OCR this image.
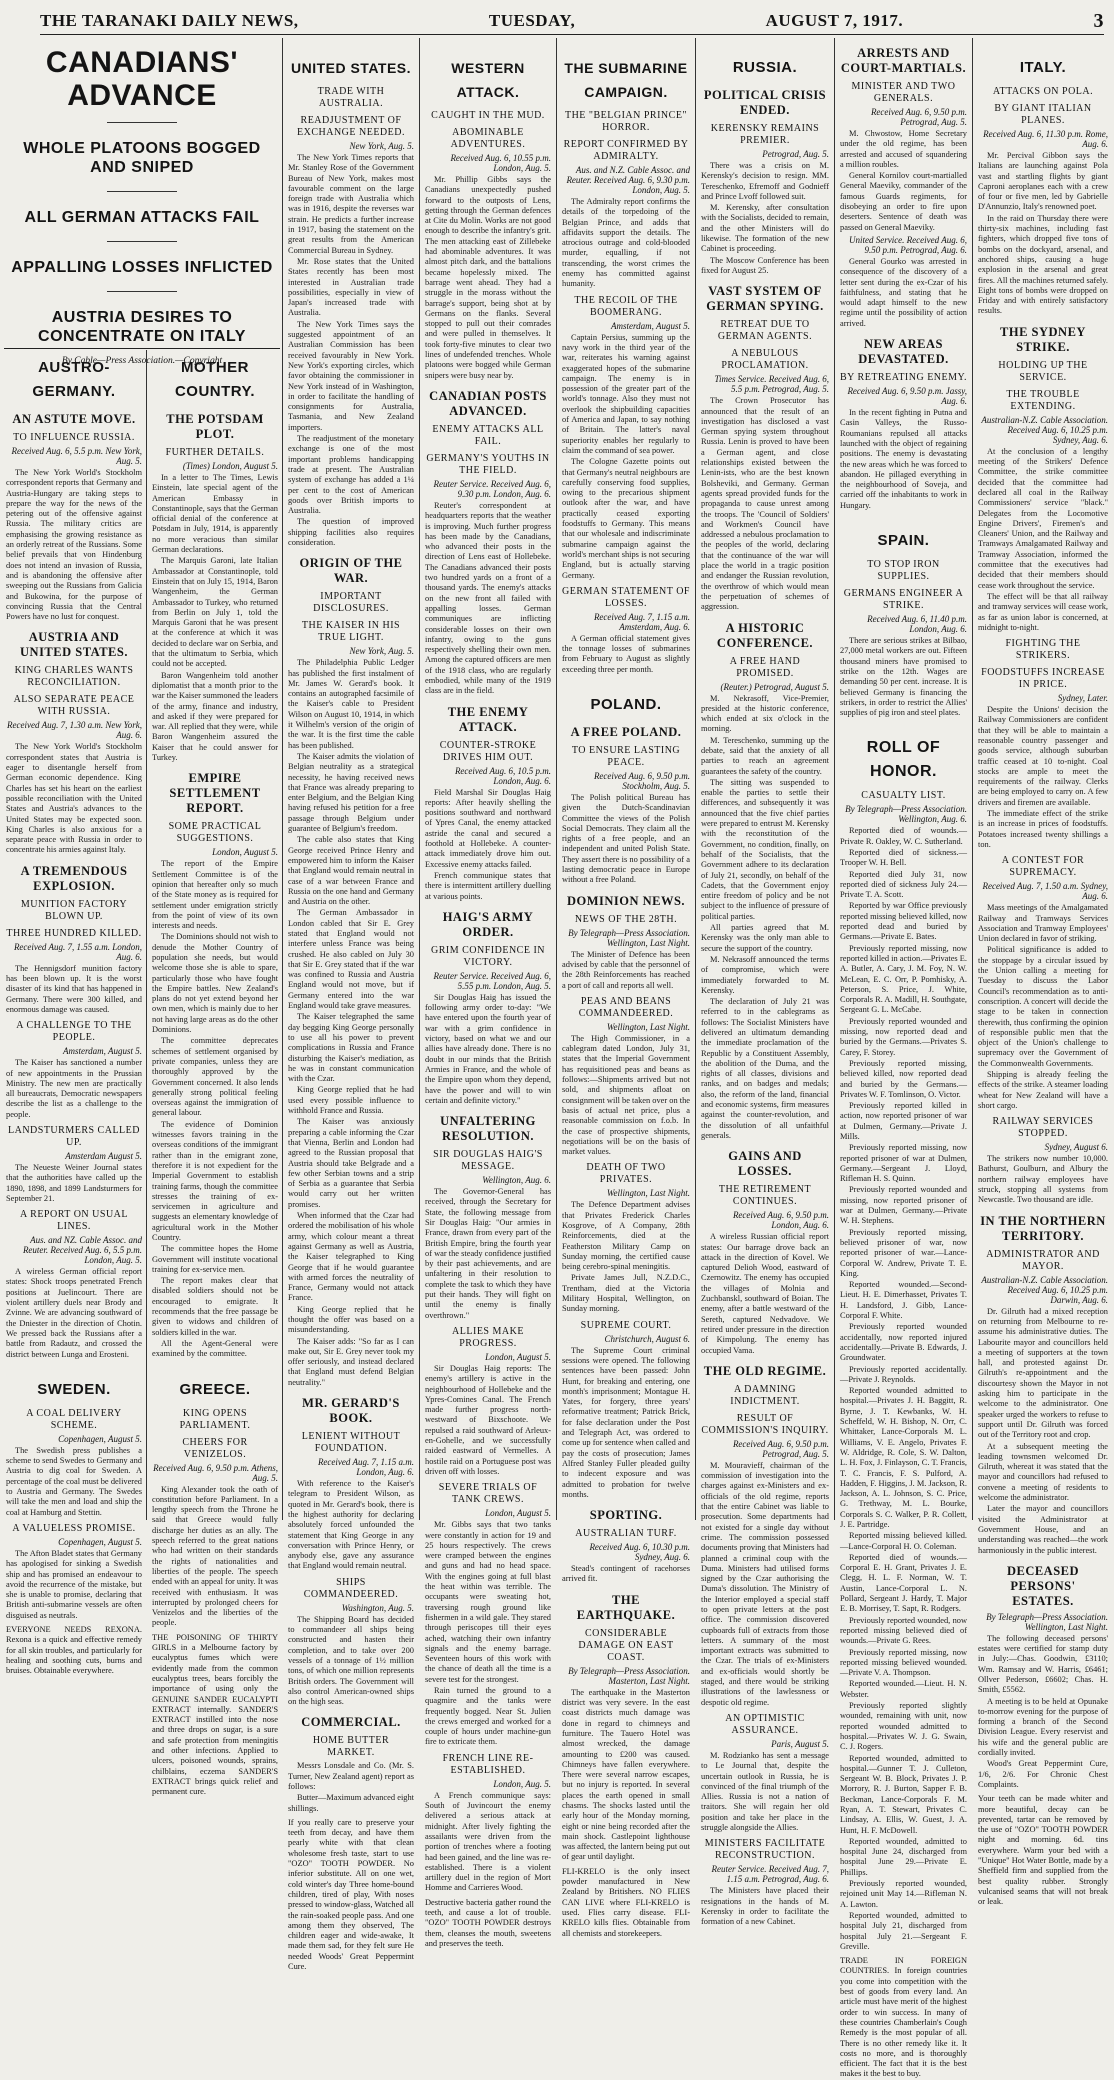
THE TARANAKI DAILY NEWS,	TUESDAY,	AUGUST 7, 1917.	3
CANADIANS' ADVANCE
WHOLE PLATOONS BOGGED AND SNIPED
ALL GERMAN ATTACKS FAIL
APPALLING LOSSES INFLICTED
AUSTRIA DESIRES TO CONCENTRATE ON ITALY
By Cable—Press Association.—Copyright
AUSTRO-GERMANY.
AN ASTUTE MOVE.
TO INFLUENCE RUSSIA.
Received Aug. 6, 5.5 p.m. New York, Aug. 5.
The New York World's Stockholm correspondent reports that Germany and Austria-Hungary are taking steps to prepare the way for the news of the petering out of the offensive against Russia. The military critics are emphasising the growing resistance as an orderly retreat of the Russians. Some belief prevails that von Hindenburg does not intend an invasion of Russia, and is abandoning the offensive after sweeping out the Russians from Galicia and Bukowina, for the purpose of convincing Russia that the Central Powers have no lust for conquest.
AUSTRIA AND UNITED STATES.
KING CHARLES WANTS RECONCILIATION.
ALSO SEPARATE PEACE WITH RUSSIA.
Received Aug. 7, 1.30 a.m. New York, Aug. 6.
The New York World's Stockholm correspondent states that Austria is eager to disentangle herself from German economic dependence. King Charles has set his heart on the earliest possible reconciliation with the United States and Austria's advances to the United States may be expected soon. King Charles is also anxious for a separate peace with Russia in order to concentrate his armies against Italy.
A TREMENDOUS EXPLOSION.
MUNITION FACTORY BLOWN UP.
THREE HUNDRED KILLED.
Received Aug. 7, 1.55 a.m. London, Aug. 6.
The Hennigsdorf munition factory has been blown up. It is the worst disaster of its kind that has happened in Germany. There were 300 killed, and enormous damage was caused.
A CHALLENGE TO THE PEOPLE.
Amsterdam, August 5.
The Kaiser has sanctioned a number of new appointments in the Prussian Ministry. The new men are practically all bureaucrats, Democratic newspapers describe the list as a challenge to the people.
LANDSTURMERS CALLED UP.
Amsterdam August 5.
The Neueste Weiner Journal states that the authorities have called up the 1890, 1898, and 1899 Landsturmers for September 21.
A REPORT ON USUAL LINES.
Aus. and NZ. Cable Assoc. and Reuter. Received Aug. 6, 5.5 p.m. London, Aug. 5.
A wireless German official report states: Shock troops penetrated French positions at Juelincourt. There are violent artillery duels near Brody and Zvinne. We are advancing southward of the Dniester in the direction of Chotin. We pressed back the Russians after a battle from Radautz, and crossed the district between Lunga and Erosteni.
SWEDEN.
A COAL DELIVERY SCHEME.
Copenhagen, August 5.
The Swedish press publishes a scheme to send Swedes to Germany and Austria to dig coal for Sweden. A percentage of the coal must be delivered to Austria and Germany. The Swedes will take the men and load and ship the coal at Hamburg and Stettin.
A VALUELESS PROMISE.
Copenhagen, August 5.
The Afton Bladet states that Germany has apologised for sinking a Swedish ship and has promised an endeavour to avoid the recurrence of the mistake, but she is unable to promise, declaring that British anti-submarine vessels are often disguised as neutrals.
EVERYONE NEEDS REXONA. Rexona is a quick and effective remedy for all skin troubles, and particularly for healing and soothing cuts, burns and bruises. Obtainable everywhere.
MOTHER COUNTRY.
THE POTSDAM PLOT.
FURTHER DETAILS.
(Times) London, August 5.
In a letter to The Times, Lewis Einstein, late special agent of the American Embassy in Constantinople, says that the German official denial of the conference at Potsdam in July, 1914, is apparently no more veracious than similar German declarations.
The Marquis Garoni, late Italian Ambassador at Constantinople, told Einstein that on July 15, 1914, Baron Wangenheim, the German Ambassador to Turkey, who returned from Berlin on July 1, told the Marquis Garoni that he was present at the conference at which it was decided to declare war on Serbia, and that the ultimatum to Serbia, which could not be accepted.
Baron Wangenheim told another diplomatist that a month prior to the war the Kaiser summoned the leaders of the army, finance and industry, and asked if they were prepared for war. All replied that they were, while Baron Wangenheim assured the Kaiser that he could answer for Turkey.
EMPIRE SETTLEMENT REPORT.
SOME PRACTICAL SUGGESTIONS.
London, August 5.
The report of the Empire Settlement Committee is of the opinion that hereafter only so much of the State money as is required for settlement under emigration strictly from the point of view of its own interests and needs.
The Dominions should not wish to denude the Mother Country of population she needs, but would welcome those she is able to spare, particularly those who have fought the Empire battles. New Zealand's plans do not yet extend beyond her own men, which is mainly due to her not having large areas as do the other Dominions.
The committee deprecates schemes of settlement organised by private companies, unless they are thoroughly approved by the Government concerned. It also lends generally strong political feeling overseas against the immigration of general labour.
The evidence of Dominion witnesses favors training in the overseas conditions of the immigrant rather than in the emigrant zone, therefore it is not expedient for the Imperial Government to establish training farms, though the committee stresses the training of ex-servicemen in agriculture and suggests an elementary knowledge of agricultural work in the Mother Country.
The committee hopes the Home Government will institute vocational training for ex-service men.
The report makes clear that disabled soldiers should not be encouraged to emigrate. It recommends that the free passage be given to widows and children of soldiers killed in the war.
All the Agent-General were examined by the committee.
GREECE.
KING OPENS PARLIAMENT.
CHEERS FOR VENIZELOS.
Received Aug. 6, 9.50 p.m. Athens, Aug. 5.
King Alexander took the oath of constitution before Parliament. In a lengthy speech from the Throne he said that Greece would fully discharge her duties as an ally. The speech referred to the great nations who had written on their standards the rights of nationalities and liberties of the people. The speech ended with an appeal for unity. It was received with enthusiasm. It was interrupted by prolonged cheers for Venizelos and the liberties of the people.
THE POISONING OF THIRTY GIRLS in a Melbourne factory by eucalyptus fumes which were evidently made from the common eucalyptus trees, bears forcibly the importance of using only the GENUINE SANDER EUCALYPTI EXTRACT internally. SANDER'S EXTRACT instilled into the nose and three drops on sugar, is a sure and safe protection from meningitis and other infections. Applied to ulcers, poisoned wounds, sprains, chilblains, eczema SANDER'S EXTRACT brings quick relief and permanent cure.
UNITED STATES.
TRADE WITH AUSTRALIA.
READJUSTMENT OF EXCHANGE NEEDED.
New York, Aug. 5.
The New York Times reports that Mr. Stanley Rose of the Government Bureau of New York, makes most favourable comment on the large foreign trade with Australia which was in 1916, despite the reverses war strain. He predicts a further increase in 1917, basing the statement on the great results from the American Commercial Bureau in Sydney.
Mr. Rose states that the United States recently has been most interested in Australian trade possibilities, especially in view of Japan's increased trade with Australia.
The New York Times says the suggested appointment of an Australian Commission has been received favourably in New York. New York's exporting circles, which favor obtaining the commissioner in New York instead of in Washington, in order to facilitate the handling of consignments for Australia, Tasmania, and New Zealand importers.
The readjustment of the monetary exchange is one of the most important problems handicapping trade at present. The Australian system of exchange has added a 1¼ per cent to the cost of American goods over British imports to Australia.
The question of improved shipping facilities also requires consideration.
ORIGIN OF THE WAR.
IMPORTANT DISCLOSURES.
THE KAISER IN HIS TRUE LIGHT.
New York, Aug. 5.
The Philadelphia Public Ledger has published the first instalment of Mr. James W. Gerard's book. It contains an autographed facsimile of the Kaiser's cable to President Wilson on August 10, 1914, in which it Wilhelm's version of the origin of the war. It is the first time the cable has been published.
The Kaiser admits the violation of Belgian neutrality as a strategical necessity, he having received news that France was already preparing to enter Belgium, and the Belgian King having refused his petition for a free passage through Belgium under guarantee of Belgium's freedom.
The cable also states that King George received Prince Henry and empowered him to inform the Kaiser that England would remain neutral in case of a war between France and Russia on the one hand and Germany and Austria on the other.
The German Ambassador in London cabled that Sir E. Grey stated that England would not interfere unless France was being crushed. He also cabled on July 30 that Sir E. Grey stated that if the war was confined to Russia and Austria England would not move, but if Germany entered into the war England would take grave measures.
The Kaiser telegraphed the same day begging King George personally to use all his power to prevent complications in Russia and France disturbing the Kaiser's mediation, as he was in constant communication with the Czar.
King George replied that he had used every possible influence to withhold France and Russia.
The Kaiser was anxiously preparing a cable informing the Czar that Vienna, Berlin and London had agreed to the Russian proposal that Austria should take Belgrade and a few other Serbian towns and a strip of Serbia as a guarantee that Serbia would carry out her written promises.
When informed that the Czar had ordered the mobilisation of his whole army, which colour meant a threat against Germany as well as Austria, the Kaiser telegraphed to King George that if he would guarantee with armed forces the neutrality of France, Germany would not attack France.
King George replied that he thought the offer was based on a misunderstanding.
The Kaiser adds: "So far as I can make out, Sir E. Grey never took my offer seriously, and instead declared that England must defend Belgian neutrality."
MR. GERARD'S BOOK.
LENIENT WITHOUT FOUNDATION.
Received Aug. 7, 1.15 a.m. London, Aug. 6.
With reference to the Kaiser's telegram to President Wilson, as quoted in Mr. Gerard's book, there is the highest authority for declaring absolutely forced unfounded the statement that King George in any conversation with Prince Henry, or anybody else, gave any assurance that England would remain neutral.
SHIPS COMMANDEERED.
Washington, Aug. 5.
The Shipping Board has decided to commandeer all ships being constructed and hasten their completion, and to take over 200 vessels of a tonnage of 1½ million tons, of which one million represents British orders. The Government will also control American-owned ships on the high seas.
COMMERCIAL.
HOME BUTTER MARKET.
Messrs Lonsdale and Co. (Mr. S. Turner, New Zealand agent) report as follows:
Butter—Maximum advanced eight shillings.
If you really care to preserve your teeth from decay, and have them pearly white with that clean wholesome fresh taste, start to use "OZO" TOOTH POWDER. No inferior substitute. All on one wet, cold winter's day Three home-bound children, tired of play, With noses pressed to window-glass, Watched all the rain-soaked people pass. And one among them they observed, The children eager and wide-awake, It made them sad, for they felt sure He needed Woods' Great Peppermint Cure.
WESTERN ATTACK.
CAUGHT IN THE MUD.
ABOMINABLE ADVENTURES.
Received Aug. 6, 10.55 p.m. London, Aug. 5.
Mr. Phillip Gibbs says the Canadians unexpectedly pushed forward to the outposts of Lens, getting through the German defences at Cite du Molin. Works are not good enough to describe the infantry's grit. The men attacking east of Zillebeke had abominable adventures. It was almost pitch dark, and the battalions became hopelessly mixed. The barrage went ahead. They had a struggle in the morass without the barrage's support, being shot at by Germans on the flanks. Several stopped to pull out their comrades and were pulled in themselves. It took forty-five minutes to clear two lines of undefended trenches. Whole platoons were bogged while German snipers were busy near by.
CANADIAN POSTS ADVANCED.
ENEMY ATTACKS ALL FAIL.
GERMANY'S YOUTHS IN THE FIELD.
Reuter Service. Received Aug. 6, 9.30 p.m. London, Aug. 6.
Reuter's correspondent at headquarters reports that the weather is improving. Much further progress has been made by the Canadians, who advanced their posts in the direction of Lens east of Hollebeke. The Canadians advanced their posts two hundred yards on a front of a thousand yards. The enemy's attacks on the new front all failed with appalling losses. German communiques are inflicting considerable losses on their own infantry, owing to the guns respectively shelling their own men. Among the captured officers are men of the 1918 class, who are regularly embodied, while many of the 1919 class are in the field.
THE ENEMY ATTACK.
COUNTER-STROKE DRIVES HIM OUT.
Received Aug. 6, 10.5 p.m. London, Aug. 6.
Field Marshal Sir Douglas Haig reports: After heavily shelling the positions southward and northward of Ypres Canal, the enemy attacked astride the canal and secured a foothold at Hollebeke. A counter-attack immediately drove him out. Excessive enemy attacks failed.
French communique states that there is intermittent artillery duelling at various points.
HAIG'S ARMY ORDER.
GRIM CONFIDENCE IN VICTORY.
Reuter Service. Received Aug. 6, 5.55 p.m. London, Aug. 5.
Sir Douglas Haig has issued the following army order to-day: "We have entered upon the fourth year of war with a grim confidence in victory, based on what we and our allies have already done. There is no doubt in our minds that the British Armies in France, and the whole of the Empire upon whom they depend, have the power and will to win certain and definite victory."
UNFALTERING RESOLUTION.
SIR DOUGLAS HAIG'S MESSAGE.
Wellington, Aug. 6.
The Governor-General has received, through the Secretary for State, the following message from Sir Douglas Haig: "Our armies in France, drawn from every part of the British Empire, bring the fourth year of war the steady confidence justified by their past achievements, and are unfaltering in their resolution to complete the task to which they have put their hands. They will fight on until the enemy is finally overthrown."
ALLIES MAKE PROGRESS.
London, August 5.
Sir Douglas Haig reports: The enemy's artillery is active in the neighbourhood of Hollebeke and the Ypres-Comines Canal. The French made further progress north-westward of Bixschoote. We repulsed a raid southward of Arleux-en-Gohelle, and we successfully raided eastward of Vermelles. A hostile raid on a Portuguese post was driven off with losses.
SEVERE TRIALS OF TANK CREWS.
London, August 5.
Mr. Gibbs says that two tanks were constantly in action for 19 and 25 hours respectively. The crews were cramped between the engines and guns and had no head space. With the engines going at full blast the heat within was terrible. The occupants were sweating hot, traversing rough ground like fishermen in a wild gale. They stared through periscopes till their eyes ached, watching their own infantry signals and the enemy barrage. Seventeen hours of this work with the chance of death all the time is a severe test for the strongest.
Rain turned the ground to a quagmire and the tanks were frequently bogged. Near St. Julien the crews emerged and worked for a couple of hours under machine-gun fire to extricate them.
FRENCH LINE RE-ESTABLISHED.
London, Aug. 5.
A French communique says: South of Juvincourt the enemy delivered a serious attack at midnight. After lively fighting the assailants were driven from the portion of trenches where a footing had been gained, and the line was re-established. There is a violent artillery duel in the region of Mort Homme and Carrieres Wood.
Destructive bacteria gather round the teeth, and cause a lot of trouble. "OZO" TOOTH POWDER destroys them, cleanses the mouth, sweetens and preserves the teeth.
THE SUBMARINE CAMPAIGN.
THE "BELGIAN PRINCE" HORROR.
REPORT CONFIRMED BY ADMIRALTY.
Aus. and N.Z. Cable Assoc. and Reuter. Received Aug. 6, 9.30 p.m. London, Aug. 5.
The Admiralty report confirms the details of the torpedoing of the Belgian Prince, and adds that affidavits support the details. The atrocious outrage and cold-blooded murder, equalling, if not transcending, the worst crimes the enemy has committed against humanity.
THE RECOIL OF THE BOOMERANG.
Amsterdam, August 5.
Captain Persius, summing up the navy work in the third year of the war, reiterates his warning against exaggerated hopes of the submarine campaign. The enemy is in possession of the greater part of the world's tonnage. Also they must not overlook the shipbuilding capacities of America and Japan, to say nothing of Britain. The latter's naval superiority enables her regularly to claim the command of sea power.
The Cologne Gazette points out that Germany's neutral neighbours are carefully conserving food supplies, owing to the precarious shipment outlook after the war, and have practically ceased exporting foodstuffs to Germany. This means that our wholesale and indiscriminate submarine campaign against the world's merchant ships is not securing England, but is actually starving Germany.
GERMAN STATEMENT OF LOSSES.
Received Aug. 7, 1.15 a.m. Amsterdam, Aug. 6.
A German official statement gives the tonnage losses of submarines from February to August as slightly exceeding three per month.
POLAND.
A FREE POLAND.
TO ENSURE LASTING PEACE.
Received Aug. 6, 9.50 p.m. Stockholm, Aug. 5.
The Polish political Bureau has given the Dutch-Scandinavian Committee the views of the Polish Social Democrats. They claim all the rights of a free people, and an independent and united Polish State. They assert there is no possibility of a lasting democratic peace in Europe without a free Poland.
DOMINION NEWS.
NEWS OF THE 28TH.
By Telegraph—Press Association. Wellington, Last Night.
The Minister of Defence has been advised by cable that the personnel of the 28th Reinforcements has reached a port of call and reports all well.
PEAS AND BEANS COMMANDEERED.
Wellington, Last Night.
The High Commissioner, in a cablegram dated London, July 31, states that the Imperial Government has requisitioned peas and beans as follows:—Shipments arrived but not sold, and shipments afloat on consignment will be taken over on the basis of actual net price, plus a reasonable commission on f.o.b. In the case of prospective shipments, negotiations will be on the basis of market values.
DEATH OF TWO PRIVATES.
Wellington, Last Night.
The Defence Department advises that Privates Frederick Charles Kosgrove, of A Company, 28th Reinforcements, died at the Featherston Military Camp on Sunday morning, the certified cause being cerebro-spinal meningitis.
Private James Jull, N.Z.D.C., Trentham, died at the Victoria Military Hospital, Wellington, on Sunday morning.
SUPREME COURT.
Christchurch, August 6.
The Supreme Court criminal sessions were opened. The following sentences have been passed: John Hunt, for breaking and entering, one month's imprisonment; Montague H. Yates, for forgery, three years' reformative treatment; Patrick Brick, for false declaration under the Post and Telegraph Act, was ordered to come up for sentence when called and pay the costs of prosecution; James Alfred Stanley Fuller pleaded guilty to indecent exposure and was admitted to probation for twelve months.
SPORTING.
AUSTRALIAN TURF.
Received Aug. 6, 10.30 p.m. Sydney, Aug. 6.
Stead's contingent of racehorses arrived fit.
THE EARTHQUAKE.
CONSIDERABLE DAMAGE ON EAST COAST.
By Telegraph—Press Association. Masterton, Last Night.
The earthquake in the Masterton district was very severe. In the east coast districts much damage was done in regard to chimneys and furniture. The Tauero Hotel was almost wrecked, the damage amounting to £200 was caused. Chimneys have fallen everywhere. There were several narrow escapes, but no injury is reported. In several places the earth opened in small chasms. The shocks lasted until the early hour of the Monday morning, eight or nine being recorded after the main shock. Castlepoint lighthouse was affected, the lantern being put out of gear until daylight.
FLI-KRELO is the only insect powder manufactured in New Zealand by Britishers. NO FLIES CAN LIVE where FLI-KRELO is used. Flies carry disease. FLI-KRELO kills flies. Obtainable from all chemists and storekeepers.
RUSSIA.
POLITICAL CRISIS ENDED.
KERENSKY REMAINS PREMIER.
Petrograd, Aug. 5.
There was a crisis on M. Kerensky's decision to resign. MM. Tereschenko, Efremoff and Godnieff and Prince Lvoff followed suit.
M. Kerensky, after consultation with the Socialists, decided to remain, and the other Ministers will do likewise. The formation of the new Cabinet is proceeding.
The Moscow Conference has been fixed for August 25.
VAST SYSTEM OF GERMAN SPYING.
RETREAT DUE TO GERMAN AGENTS.
A NEBULOUS PROCLAMATION.
Times Service. Received Aug. 6, 5.5 p.m. Petrograd, Aug. 5.
The Crown Prosecutor has announced that the result of an investigation has disclosed a vast German spying system throughout Russia. Lenin is proved to have been a German agent, and close relationships existed between the Lenin-ists, who are the best known Bolsheviki, and Germany. German agents spread provided funds for the propaganda to cause unrest among the troops. The 'Council of Soldiers' and Workmen's Council have addressed a nebulous proclamation to the peoples of the world, declaring that the continuance of the war will place the world in a tragic position and endanger the Russian revolution, the overthrow of which would mean the perpetuation of schemes of aggression.
A HISTORIC CONFERENCE.
A FREE HAND PROMISED.
(Reuter.) Petrograd, August 5.
M. Nekrasoff, Vice-Premier, presided at the historic conference, which ended at six o'clock in the morning.
M. Tereschenko, summing up the debate, said that the anxiety of all parties to reach an agreement guarantees the safety of the country.
The sitting was suspended to enable the parties to settle their differences, and subsequently it was announced that the five chief parties were prepared to entrust M. Kerensky with the reconstitution of the Government, no condition, finally, on behalf of the Socialists, that the Government adhere to its declaration of July 21, secondly, on behalf of the Cadets, that the Government enjoy entire freedom of policy and be not subject to the influence of pressure of political parties.
All parties agreed that M. Kerensky was the only man able to secure the support of the country.
M. Nekrasoff announced the terms of compromise, which were immediately forwarded to M. Kerensky.
The declaration of July 21 was referred to in the cablegrams as follows: The Socialist Ministers have delivered an ultimatum demanding the immediate proclamation of the Republic by a Constituent Assembly, the abolition of the Duma, and the rights of all classes, divisions and ranks, and on badges and medals; also, the reform of the land, financial and economic systems, firm measures against the counter-revolution, and the dissolution of all unfaithful generals.
GAINS AND LOSSES.
THE RETIREMENT CONTINUES.
Received Aug. 6, 9.50 p.m. London, Aug. 6.
A wireless Russian official report states: Our barrage drove back an attack in the direction of Kovel. We captured Delioh Wood, eastward of Czernowitz. The enemy has occupied the villages of Molnia and Zuchbanskl, southward of Boian. The enemy, after a battle westward of the Sereth, captured Nedvadove. We retired under pressure in the direction of Kimpolung. The enemy has occupied Vama.
THE OLD REGIME.
A DAMNING INDICTMENT.
RESULT OF COMMISSION'S INQUIRY.
Received Aug. 6, 9.50 p.m. Petrograd, Aug. 5.
M. Mouravieff, chairman of the commission of investigation into the charges against ex-Ministers and ex-officials of the old regime, reports that the entire Cabinet was liable to prosecution. Some departments had not existed for a single day without crime. The commission possessed documents proving that Ministers had planned a criminal coup with the Duma. Ministers had utilised forms signed by the Czar authorising the Duma's dissolution. The Ministry of the Interior employed a special staff to open private letters at the post office. The commission discovered cupboards full of extracts from those letters. A summary of the most important extracts was submitted to the Czar. The trials of ex-Ministers and ex-officials would shortly be staged, and there would be striking illustrations of the lawlessness or despotic old regime.
AN OPTIMISTIC ASSURANCE.
Paris, August 5.
M. Rodzianko has sent a message to Le Journal that, despite the uncertain outlook in Russia, he is convinced of the final triumph of the Allies. Russia is not a nation of traitors. She will regain her old position and take her place in the struggle alongside the Allies.
MINISTERS FACILITATE RECONSTRUCTION.
Reuter Service. Received Aug. 7, 1.15 a.m. Petrograd, Aug. 6.
The Ministers have placed their resignations in the hands of M. Kerensky in order to facilitate the formation of a new Cabinet.
ARRESTS AND COURT-MARTIALS.
MINISTER AND TWO GENERALS.
Received Aug. 6, 9.50 p.m. Petrograd, Aug. 5.
M. Chwostow, Home Secretary under the old regime, has been arrested and accused of squandering a million roubles.
General Kornilov court-martialled General Maeviky, commander of the famous Guards regiments, for disobeying an order to fire upon deserters. Sentence of death was passed on General Maeviky.
United Service. Received Aug. 6, 9.50 p.m. Petrograd, Aug. 6.
General Gourko was arrested in consequence of the discovery of a letter sent during the ex-Czar of his faithfulness, and stating that he would adapt himself to the new regime until the possibility of action arrived.
NEW AREAS DEVASTATED.
BY RETREATING ENEMY.
Received Aug. 6, 9.50 p.m. Jassy, Aug. 6.
In the recent fighting in Putna and Casin Valleys, the Russo-Roumanians repulsed all attacks launched with the object of regaining positions. The enemy is devastating the new areas which he was forced to abandon. He pillaged everything in the neighbourhood of Soveja, and carried off the inhabitants to work in Hungary.
SPAIN.
TO STOP IRON SUPPLIES.
GERMANS ENGINEER A STRIKE.
Received Aug. 6, 11.40 p.m. London, Aug. 6.
There are serious strikes at Bilbao, 27,000 metal workers are out. Fifteen thousand miners have promised to strike on the 12th. Wages are demanding 50 per cent. increase. It is believed Germany is financing the strikers, in order to restrict the Allies' supplies of pig iron and steel plates.
ROLL OF HONOR.
CASUALTY LIST.
By Telegraph—Press Association. Wellington, Aug. 6.
Reported died of wounds.—Private R. Oakley, W. C. Sutherland.
Reported died of sickness.—Trooper W. H. Bell.
Reported died July 31, now reported died of sickness July 24.—Private T. A. Scott.
Reported by war Office previously reported missing believed killed, now reported dead and buried by Germans.—Private E. Bates.
Previously reported missing, now reported killed in action.—Privates E. A. Butler, A. Cary, J. M. Foy, N. W. McLean, E. C. Orr, P. Pomhisky, A. Peterson, S. Price, J. White, Corporals R. A. Madill, H. Southgate, Sergeant G. L. McCabe.
Previously reported wounded and missing, now reported dead and buried by the Germans.—Privates S. Carey, F. Storey.
Previously reported missing, believed killed, now reported dead and buried by the Germans.—Privates W. F. Tomlinson, O. Victor.
Previously reported killed in action, now reported prisoner of war at Dulmen, Germany.—Private J. Mills.
Previously reported missing, now reported prisoner of war at Dulmen, Germany.—Sergeant J. Lloyd, Rifleman H. S. Quinn.
Previously reported wounded and missing, now reported prisoner of war at Dulmen, Germany.—Private W. H. Stephens.
Previously reported missing, believed prisoner of war, now reported prisoner of war.—Lance-Corporal W. Andrew, Private T. E. King.
Reported wounded.—Second-Lieut. H. E. Dimerhasset, Privates T. H. Landsford, J. Gibb, Lance-Corporal F. White.
Previously reported wounded accidentally, now reported injured accidentally.—Private B. Edwards, J. Groundwater.
Previously reported accidentally.—Private J. Reynolds.
Reported wounded admitted to hospital.—Privates J. H. Baggitt, R. Byrne, J. T. Kewbanks, W. H. Scheffeld, W. H. Bishop, N. Orr, C. Whittaker, Lance-Corporals M. L. Williams, V. E. Angelo, Privates F. W. Aldridge, R. Cole, S. W. Dalton, L. H. Fox, J. Finlayson, C. T. Francis, T. C. Francis, F. S. Pulford, A. Hadden, F. Higgins, J. M. Jackson, R. Jackson, A. L. Johnson, S. C. Price, G. Trethway, M. L. Bourke, Corporals S. C. Walker, P. R. Collett, J. E. Partridge.
Reported missing believed killed.—Lance-Corporal H. O. Coleman.
Reported died of wounds.—Corporal E. H. Grant, Privates J. E. Clegg, H. L. F. Norman, W. T. Austin, Lance-Corporal L. N. Pollard, Sergeant J. Hardy, T. Major E. B. Morrisey, T. Sapt, R. Rodgers.
Previously reported wounded, now reported missing believed died of wounds.—Private G. Rees.
Previously reported missing, now reported missing believed wounded.—Private V. A. Thompson.
Reported wounded.—Lieut. H. N. Webster.
Previously reported slightly wounded, remaining with unit, now reported wounded admitted to hospital.—Privates W. J. G. Swain, C. J. Rogers.
Reported wounded, admitted to hospital.—Gunner T. J. Culleton, Sergeant W. B. Block, Privates J. P. Morrory, R. J. Burton, Sapper F. B. Beckman, Lance-Corporals F. M. Ryan, A. T. Stewart, Privates C. Lindsay, A. Ellis, W. Guest, J. A. Hunt, H. F. McDowell.
Reported wounded, admitted to hospital June 24, discharged from hospital June 29.—Private E. Phillips.
Previously reported wounded, rejoined unit May 14.—Rifleman N. A. Lawton.
Reported wounded, admitted to hospital July 21, discharged from hospital July 21.—Sergeant F. Greville.
TRADE IN FOREIGN COUNTRIES. In foreign countries you come into competition with the best of goods from every land. An article must have merit of the highest order to win success. In many of these countries Chamberlain's Cough Remedy is the most popular of all. There is no other remedy like it. It costs no more, and is thoroughly efficient. The fact that it is the best makes it the best to buy.
ITALY.
ATTACKS ON POLA.
BY GIANT ITALIAN PLANES.
Received Aug. 6, 11.30 p.m. Rome, Aug. 6.
Mr. Percival Gibbon says the Italians are launching against Pola vast and startling flights by giant Caproni aeroplanes each with a crew of four or five men, led by Gabrielle D'Annunzio, Italy's renowned poet.
In the raid on Thursday there were thirty-six machines, including fast fighters, which dropped five tons of bombs on the dockyard, arsenal, and anchored ships, causing a huge explosion in the arsenal and great fires. All the machines returned safely. Eight tons of bombs were dropped on Friday and with entirely satisfactory results.
THE SYDNEY STRIKE.
HOLDING UP THE SERVICE.
THE TROUBLE EXTENDING.
Australian-N.Z. Cable Association. Received Aug. 6, 10.25 p.m. Sydney, Aug. 6.
At the conclusion of a lengthy meeting of the Strikers' Defence Committee, the strike committee decided that the committee had declared all coal in the Railway Commissioners' service "black." Delegates from the Locomotive Engine Drivers', Firemen's and Cleaners' Union, and the Railway and Tramways Amalgamated Railway and Tramway Association, informed the committee that the executives had decided that their members should cease work throughout the service.
The effect will be that all railway and tramway services will cease work, as far as union labor is concerned, at midnight to-night.
FIGHTING THE STRIKERS.
FOODSTUFFS INCREASE IN PRICE.
Sydney, Later.
Despite the Unions' decision the Railway Commissioners are confident that they will be able to maintain a reasonable country passenger and goods service, although suburban traffic ceased at 10 to-night. Coal stocks are ample to meet the requirements of the railway. Clerks are being employed to carry on. A few drivers and firemen are available.
The immediate effect of the strike is an increase in prices of foodstuffs. Potatoes increased twenty shillings a ton.
A CONTEST FOR SUPREMACY.
Received Aug. 7, 1.50 a.m. Sydney, Aug. 6.
Mass meetings of the Amalgamated Railway and Tramways Services Association and Tramway Employees' Union declared in favor of striking.
Political significance is added to the stoppage by a circular issued by the Union calling a meeting for Tuesday to discuss the Labor Council's recommendation as to anti-conscription. A concert will decide the stage to be taken in connection therewith, thus confirming the opinion of responsible public men that the object of the Union's challenge to supremacy over the Government of the Commonwealth Governments.
Shipping is already feeling the effects of the strike. A steamer loading wheat for New Zealand will have a short cargo.
RAILWAY SERVICES STOPPED.
Sydney, August 6.
The strikers now number 10,000. Bathurst, Goulburn, and Albury the northern railway employees have struck, stopping all systems from Newcastle. Two thousand are idle.
IN THE NORTHERN TERRITORY.
ADMINISTRATOR AND MAYOR.
Australian-N.Z. Cable Association. Received Aug. 6, 10.25 p.m. Darwin, Aug. 6.
Dr. Gilruth had a mixed reception on returning from Melbourne to re-assume his administrative duties. The Labourite mayor and councillors held a meeting of supporters at the town hall, and protested against Dr. Gilruth's re-appointment and the discourtesy shown the Mayor in not asking him to participate in the welcome to the administrator. One speaker urged the workers to refuse to support until Dr. Gilruth was forced out of the Territory root and crop.
At a subsequent meeting the leading townsmen welcomed Dr. Gilruth, whereat it was stated that the mayor and councillors had refused to convene a meeting of residents to welcome the administrator.
Later the mayor and councillors visited the Administrator at Government House, and an understanding was reached—the work harmoniously in the public interest.
DECEASED PERSONS' ESTATES.
By Telegraph—Press Association. Wellington, Last Night.
The following deceased persons' estates were certified for stamp duty in July:—Chas. Goodwin, £3110; Wm. Ramsay and W. Harris, £6461; Ollver Pederson, £6602; Chas. H. Smith, £5562.
A meeting is to be held at Opunake to-morrow evening for the purpose of forming a branch of the Second Division League. Every reservist and his wife and the general public are cordially invited.
Wood's Great Peppermint Cure, 1/6, 2/6. For Chronic Chest Complaints.
Your teeth can be made whiter and more beautiful, decay can be prevented, tartar can be removed by the use of "OZO" TOOTH POWDER night and morning. 6d. tins everywhere. Warm your bed with a "Unique" Hot Water Bottle, made by a Sheffield firm and supplied from the best quality rubber. Strongly vulcanised seams that will not break or leak.
